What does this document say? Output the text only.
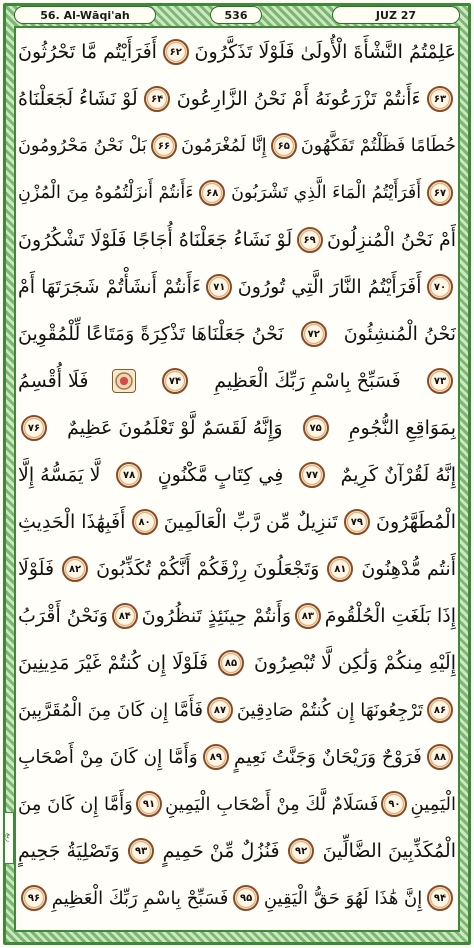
56. Al-Wāqi'ah	536	JUZ 27
ربع
عَلِمْتُمُ النَّشْأَةَ الْأُولَىٰ فَلَوْلَا تَذَكَّرُونَ
۶۲
أَفَرَأَيْتُم مَّا تَحْرُثُونَ
۶۳
ءَأَنتُمْ تَزْرَعُونَهُ أَمْ نَحْنُ الزَّارِعُونَ
۶۴
لَوْ نَشَاءُ لَجَعَلْنَاهُ
حُطَامًا فَظَلْتُمْ تَفَكَّهُونَ
۶۵
إِنَّا لَمُغْرَمُونَ
۶۶
بَلْ نَحْنُ مَحْرُومُونَ
۶۷
أَفَرَأَيْتُمُ الْمَاءَ الَّذِي تَشْرَبُونَ
۶۸
ءَأَنتُمْ أَنزَلْتُمُوهُ مِنَ الْمُزْنِ
أَمْ نَحْنُ الْمُنزِلُونَ
۶۹
لَوْ نَشَاءُ جَعَلْنَاهُ أُجَاجًا فَلَوْلَا تَشْكُرُونَ
۷۰
أَفَرَأَيْتُمُ النَّارَ الَّتِي تُورُونَ
۷۱
ءَأَنتُمْ أَنشَأْتُمْ شَجَرَتَهَا أَمْ
نَحْنُ الْمُنشِئُونَ
۷۲
نَحْنُ جَعَلْنَاهَا تَذْكِرَةً وَمَتَاعًا لِّلْمُقْوِينَ
۷۳
فَسَبِّحْ بِاسْمِ رَبِّكَ الْعَظِيمِ
۷۴
فَلَا أُقْسِمُ
بِمَوَاقِعِ النُّجُومِ
۷۵
وَإِنَّهُ لَقَسَمٌ لَّوْ تَعْلَمُونَ عَظِيمٌ
۷۶
إِنَّهُ لَقُرْآنٌ كَرِيمٌ
۷۷
فِي كِتَابٍ مَّكْنُونٍ
۷۸
لَّا يَمَسُّهُ إِلَّا
الْمُطَهَّرُونَ
۷۹
تَنزِيلٌ مِّن رَّبِّ الْعَالَمِينَ
۸۰
أَفَبِهَٰذَا الْحَدِيثِ
أَنتُم مُّدْهِنُونَ
۸۱
وَتَجْعَلُونَ رِزْقَكُمْ أَنَّكُمْ تُكَذِّبُونَ
۸۲
فَلَوْلَا
إِذَا بَلَغَتِ الْحُلْقُومَ
۸۳
وَأَنتُمْ حِينَئِذٍ تَنظُرُونَ
۸۴
وَنَحْنُ أَقْرَبُ
إِلَيْهِ مِنكُمْ وَلَٰكِن لَّا تُبْصِرُونَ
۸۵
فَلَوْلَا إِن كُنتُمْ غَيْرَ مَدِينِينَ
۸۶
تَرْجِعُونَهَا إِن كُنتُمْ صَادِقِينَ
۸۷
فَأَمَّا إِن كَانَ مِنَ الْمُقَرَّبِينَ
۸۸
فَرَوْحٌ وَرَيْحَانٌ وَجَنَّتُ نَعِيمٍ
۸۹
وَأَمَّا إِن كَانَ مِنْ أَصْحَابِ
الْيَمِينِ
۹۰
فَسَلَامٌ لَّكَ مِنْ أَصْحَابِ الْيَمِينِ
۹۱
وَأَمَّا إِن كَانَ مِنَ
الْمُكَذِّبِينَ الضَّالِّينَ
۹۲
فَنُزُلٌ مِّنْ حَمِيمٍ
۹۳
وَتَصْلِيَةُ جَحِيمٍ
۹۴
إِنَّ هَٰذَا لَهُوَ حَقُّ الْيَقِينِ
۹۵
فَسَبِّحْ بِاسْمِ رَبِّكَ الْعَظِيمِ
۹۶
